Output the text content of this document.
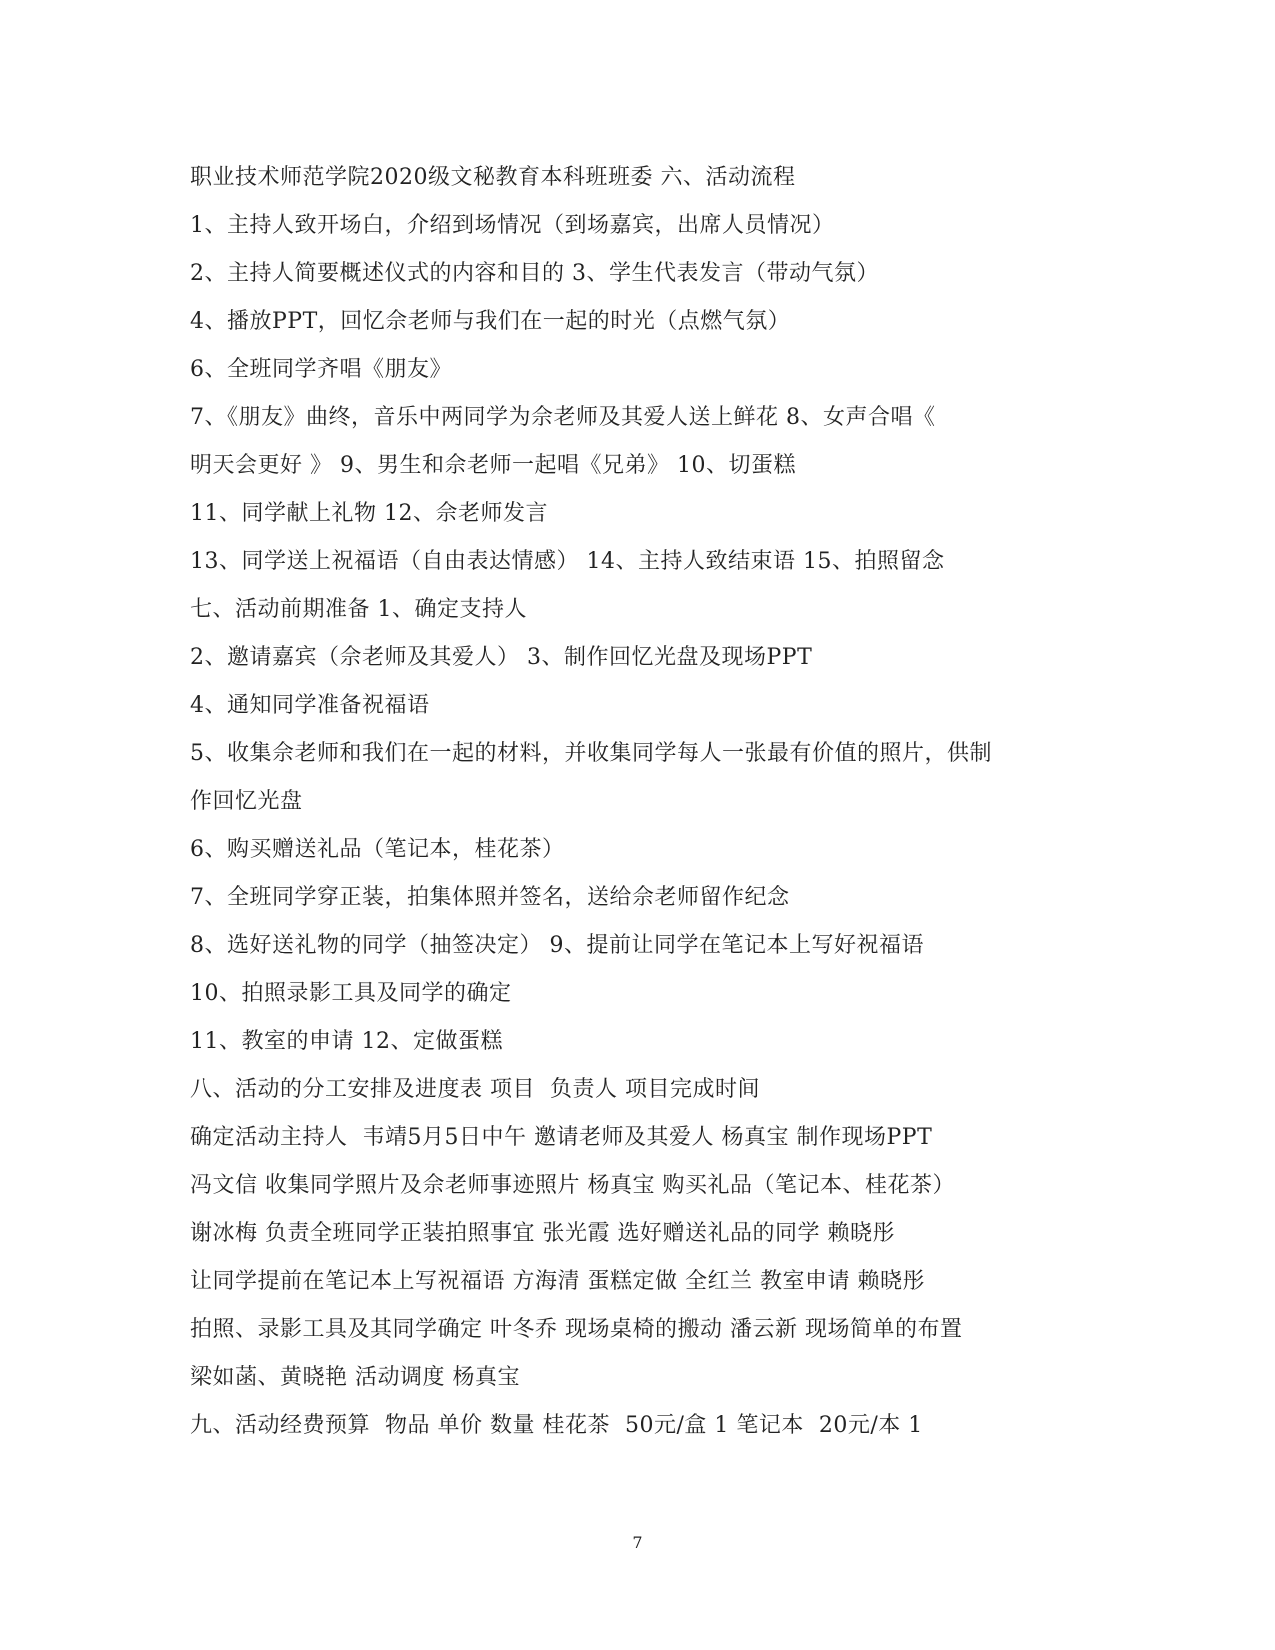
职业技术师范学院2020级文秘教育本科班班委 六、活动流程
1、主持人致开场白，介绍到场情况（到场嘉宾，出席人员情况）
2、主持人简要概述仪式的内容和目的 3、学生代表发言（带动气氛）
4、播放PPT，回忆佘老师与我们在一起的时光（点燃气氛）
6、全班同学齐唱《朋友》
7、《朋友》曲终，音乐中两同学为佘老师及其爱人送上鲜花 8、女声合唱《
明天会更好 》 9、男生和佘老师一起唱《兄弟》 10、切蛋糕
11、同学献上礼物 12、佘老师发言
13、同学送上祝福语（自由表达情感） 14、主持人致结束语 15、拍照留念
七、活动前期准备 1、确定支持人
2、邀请嘉宾（佘老师及其爱人） 3、制作回忆光盘及现场PPT
4、通知同学准备祝福语
5、收集佘老师和我们在一起的材料，并收集同学每人一张最有价值的照片，供制
作回忆光盘
6、购买赠送礼品（笔记本，桂花茶）
7、全班同学穿正装，拍集体照并签名，送给佘老师留作纪念
8、选好送礼物的同学（抽签决定） 9、提前让同学在笔记本上写好祝福语
10、拍照录影工具及同学的确定
11、教室的申请 12、定做蛋糕
八、活动的分工安排及进度表 项目  负责人 项目完成时间
确定活动主持人  韦靖5月5日中午 邀请老师及其爱人 杨真宝 制作现场PPT
冯文信 收集同学照片及佘老师事迹照片 杨真宝 购买礼品（笔记本、桂花茶）
谢冰梅 负责全班同学正装拍照事宜 张光霞 选好赠送礼品的同学 赖晓彤
让同学提前在笔记本上写祝福语 方海清 蛋糕定做 全红兰 教室申请 赖晓彤
拍照、录影工具及其同学确定 叶冬乔 现场桌椅的搬动 潘云新 现场简单的布置
梁如菡、黄晓艳 活动调度 杨真宝
九、活动经费预算  物品 单价 数量 桂花茶  50元/盒 1 笔记本  20元/本 1
7
